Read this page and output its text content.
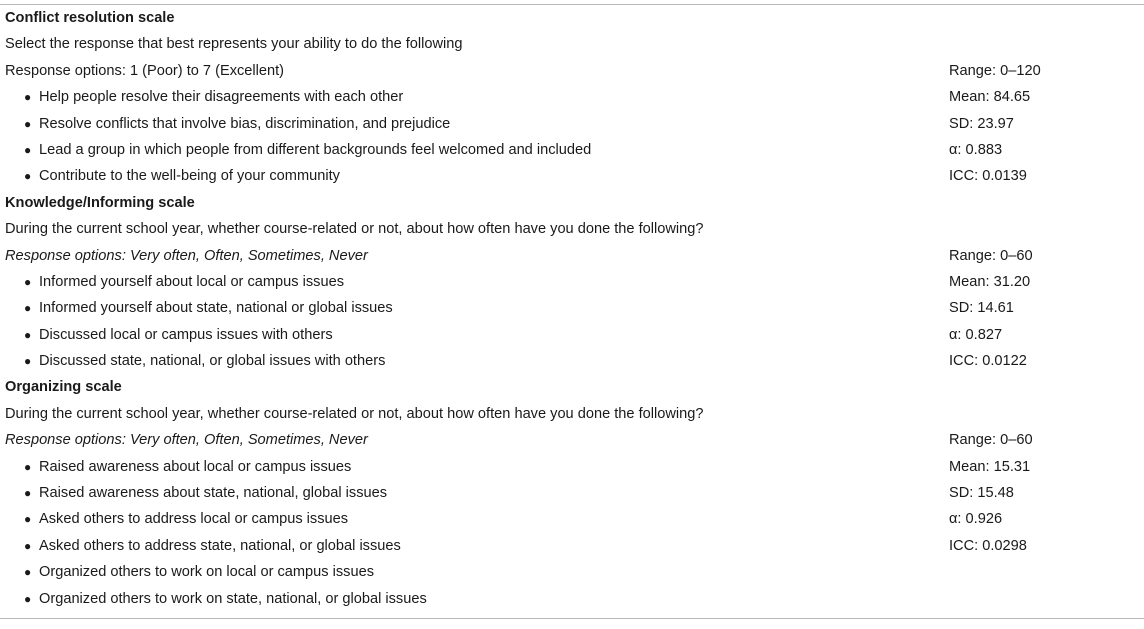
Conflict resolution scale
Select the response that best represents your ability to do the following
Response options: 1 (Poor) to 7 (Excellent)	Range: 0–120
●Help people resolve their disagreements with each other	Mean: 84.65
●Resolve conflicts that involve bias, discrimination, and prejudice	SD: 23.97
●Lead a group in which people from different backgrounds feel welcomed and included	α: 0.883
●Contribute to the well-being of your community	ICC: 0.0139
Knowledge/Informing scale
During the current school year, whether course-related or not, about how often have you done the following?
Response options: Very often, Often, Sometimes, Never	Range: 0–60
●Informed yourself about local or campus issues	Mean: 31.20
●Informed yourself about state, national or global issues	SD: 14.61
●Discussed local or campus issues with others	α: 0.827
●Discussed state, national, or global issues with others	ICC: 0.0122
Organizing scale
During the current school year, whether course-related or not, about how often have you done the following?
Response options: Very often, Often, Sometimes, Never	Range: 0–60
●Raised awareness about local or campus issues	Mean: 15.31
●Raised awareness about state, national, global issues	SD: 15.48
●Asked others to address local or campus issues	α: 0.926
●Asked others to address state, national, or global issues	ICC: 0.0298
●Organized others to work on local or campus issues
●Organized others to work on state, national, or global issues
